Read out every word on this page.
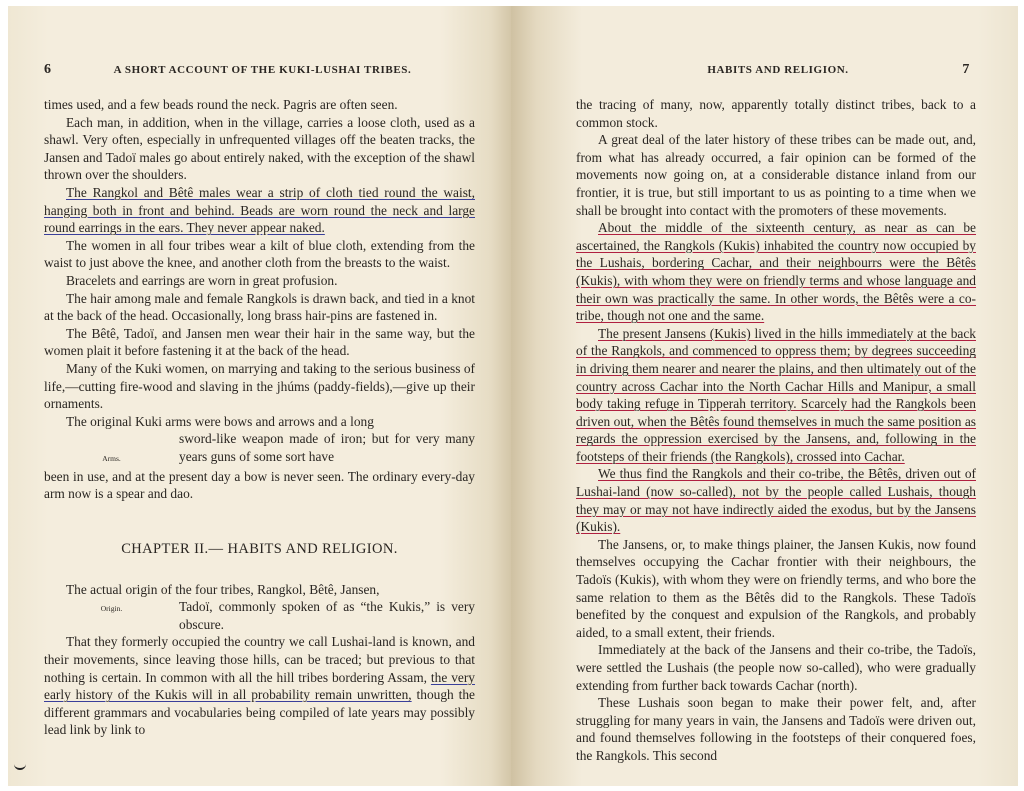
6	A SHORT ACCOUNT OF THE KUKI-LUSHAI TRIBES.

times used, and a few beads round the neck. Pagris are often seen.

Each man, in addition, when in the village, carries a loose cloth, used as a shawl. Very often, especially in unfrequented villages off the beaten tracks, the Jansen and Tadoï males go about entirely naked, with the exception of the shawl thrown over the shoulders.

The Rangkol and Bêtê males wear a strip of cloth tied round the waist, hanging both in front and behind. Beads are worn round the neck and large round earrings in the ears. They never appear naked.

The women in all four tribes wear a kilt of blue cloth, extending from the waist to just above the knee, and another cloth from the breasts to the waist.

Bracelets and earrings are worn in great profusion.

The hair among male and female Rangkols is drawn back, and tied in a knot at the back of the head. Occasionally, long brass hair-pins are fastened in.

The Bêtê, Tadoï, and Jansen men wear their hair in the same way, but the women plait it before fastening it at the back of the head.

Many of the Kuki women, on marrying and taking to the serious business of life,—cutting fire-wood and slaving in the jhúms (paddy-fields),—give up their ornaments.

The original Kuki arms were bows and arrows and a long

Arms.
sword-like weapon made of iron; but for very many years guns of some sort have

been in use, and at the present day a bow is never seen. The ordinary every-day arm now is a spear and dao.

CHAPTER II.— HABITS AND RELIGION.

The actual origin of the four tribes, Rangkol, Bêtê, Jansen,

Origin.	Tadoï, commonly spoken of as “the Kukis,” is very obscure.

That they formerly occupied the country we call Lushai-land is known, and their movements, since leaving those hills, can be traced; but previous to that nothing is certain. In common with all the hill tribes bordering Assam, the very early history of the Kukis will in all probability remain unwritten, though the different grammars and vocabularies being compiled of late years may possibly lead link by link to

HABITS AND RELIGION.	7

the tracing of many, now, apparently totally distinct tribes, back to a common stock.

A great deal of the later history of these tribes can be made out, and, from what has already occurred, a fair opinion can be formed of the movements now going on, at a considerable distance inland from our frontier, it is true, but still important to us as pointing to a time when we shall be brought into contact with the promoters of these movements.

About the middle of the sixteenth century, as near as can be ascertained, the Rangkols (Kukis) inhabited the country now occupied by the Lushais, bordering Cachar, and their neighbourrs were the Bêtês (Kukis), with whom they were on friendly terms and whose language and their own was practically the same. In other words, the Bêtês were a co-tribe, though not one and the same.

The present Jansens (Kukis) lived in the hills immediately at the back of the Rangkols, and commenced to oppress them; by degrees succeeding in driving them nearer and nearer the plains, and then ultimately out of the country across Cachar into the North Cachar Hills and Manipur, a small body taking refuge in Tipperah territory. Scarcely had the Rangkols been driven out, when the Bêtês found themselves in much the same position as regards the oppression exercised by the Jansens, and, following in the footsteps of their friends (the Rangkols), crossed into Cachar.

We thus find the Rangkols and their co-tribe, the Bêtês, driven out of Lushai-land (now so-called), not by the people called Lushais, though they may or may not have indirectly aided the exodus, but by the Jansens (Kukis).

The Jansens, or, to make things plainer, the Jansen Kukis, now found themselves occupying the Cachar frontier with their neighbours, the Tadoïs (Kukis), with whom they were on friendly terms, and who bore the same relation to them as the Bêtês did to the Rangkols. These Tadoïs benefited by the conquest and expulsion of the Rangkols, and probably aided, to a small extent, their friends.

Immediately at the back of the Jansens and their co-tribe, the Tadoïs, were settled the Lushais (the people now so-called), who were gradually extending from further back towards Cachar (north).

These Lushais soon began to make their power felt, and, after struggling for many years in vain, the Jansens and Tadoïs were driven out, and found themselves following in the footsteps of their conquered foes, the Rangkols. This second
